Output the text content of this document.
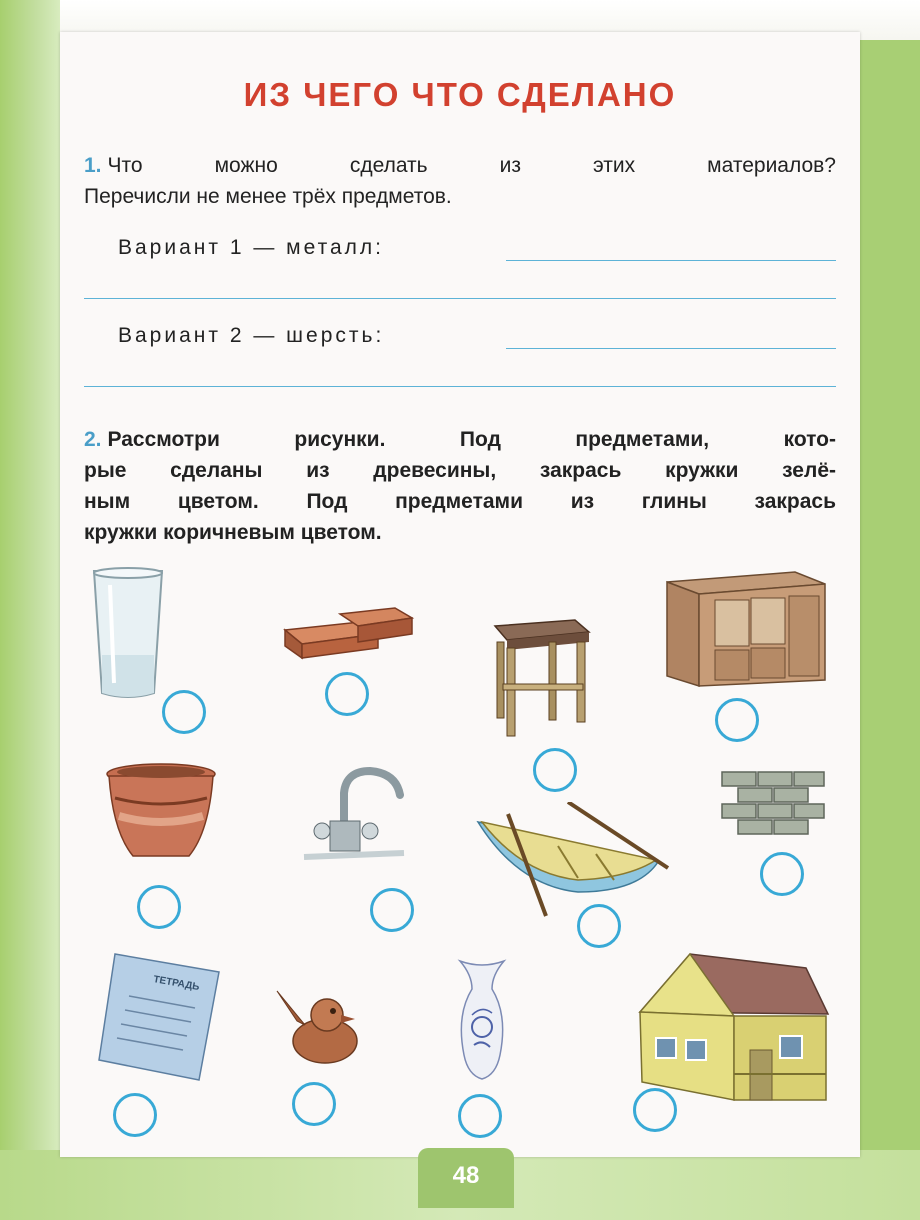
ИЗ ЧЕГО ЧТО СДЕЛАНО
1. Что можно сделать из этих материалов?
Перечисли не менее трёх предметов.
Вариант 1 — металл:
Вариант 2 — шерсть:
2. Рассмотри рисунки. Под предметами, кото-
рые сделаны из древесины, закрась кружки зелё-
ным цветом. Под предметами из глины закрась
кружки коричневым цветом.
ТЕТРАДЬ
48
